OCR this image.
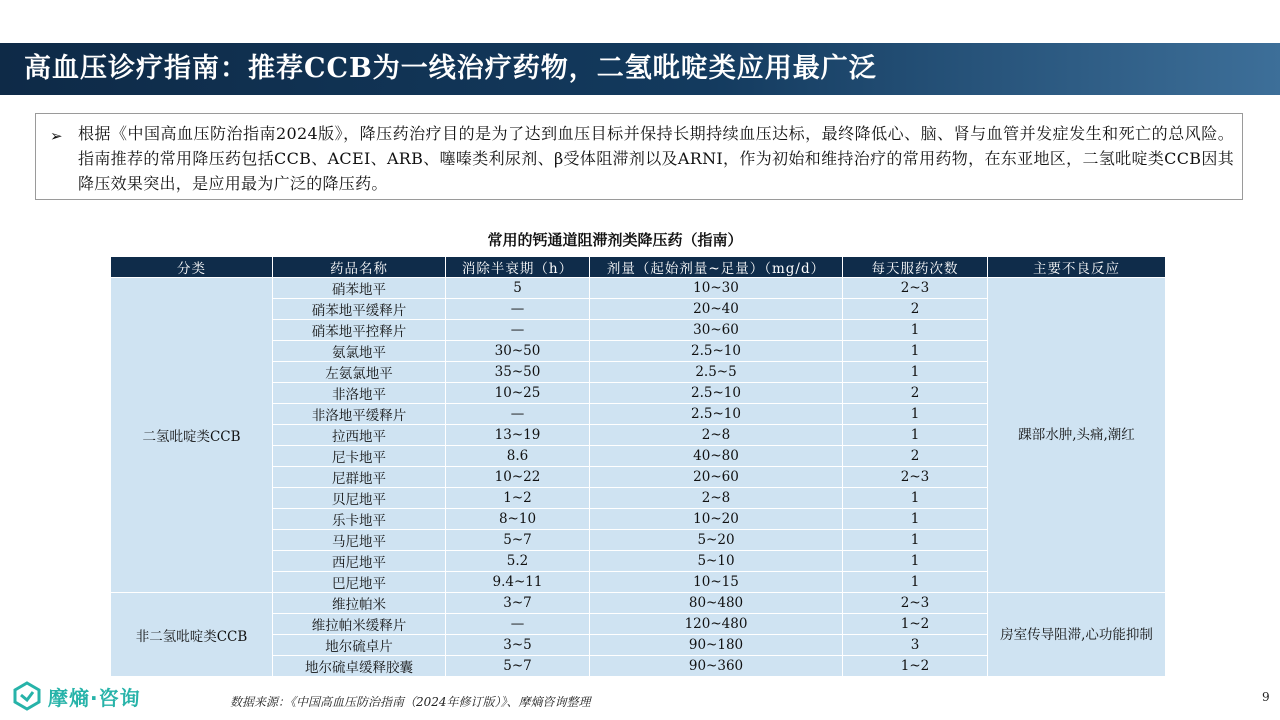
高血压诊疗指南：推荐CCB为一线治疗药物，二氢吡啶类应用最广泛
➢ 根据《中国高血压防治指南2024版》，降压药治疗目的是为了达到血压目标并保持长期持续血压达标，最终降低心、脑、肾与血管并发症发生和死亡的总风险。指南推荐的常用降压药包括CCB、ACEI、ARB、噻嗪类利尿剂、β受体阻滞剂以及ARNI，作为初始和维持治疗的常用药物，在东亚地区，二氢吡啶类CCB因其降压效果突出，是应用最为广泛的降压药。

常用的钙通道阻滞剂类降压药（指南）
分类	药品名称	消除半衰期（h）	剂量（起始剂量~足量）（mg/d）	每天服药次数	主要不良反应
二氢吡啶类CCB	硝苯地平	5	10~30	2~3	踝部水肿,头痛,潮红
	硝苯地平缓释片	—	20~40	2	
	硝苯地平控释片	—	30~60	1	
	氨氯地平	30~50	2.5~10	1	
	左氨氯地平	35~50	2.5~5	1	
	非洛地平	10~25	2.5~10	2	
	非洛地平缓释片	—	2.5~10	1	
	拉西地平	13~19	2~8	1	
	尼卡地平	8.6	40~80	2	
	尼群地平	10~22	20~60	2~3	
	贝尼地平	1~2	2~8	1	
	乐卡地平	8~10	10~20	1	
	马尼地平	5~7	5~20	1	
	西尼地平	5.2	5~10	1	
	巴尼地平	9.4~11	10~15	1	
非二氢吡啶类CCB	维拉帕米	3~7	80~480	2~3	房室传导阻滞,心功能抑制
	维拉帕米缓释片	—	120~480	1~2	
	地尔硫卓片	3~5	90~180	3	
	地尔硫卓缓释胶囊	5~7	90~360	1~2	
摩熵·咨询	数据来源：《中国高血压防治指南（2024年修订版）》、摩熵咨询整理	9
